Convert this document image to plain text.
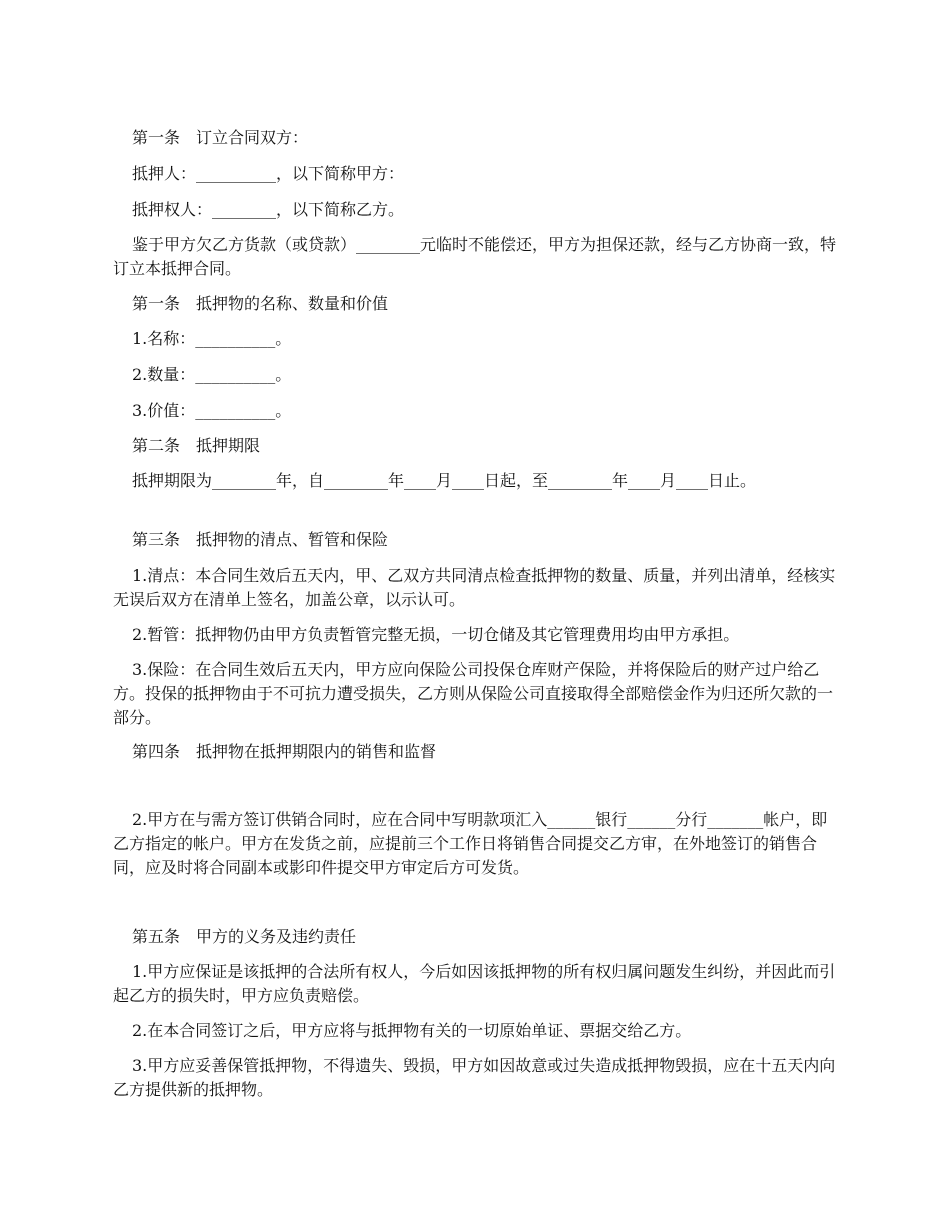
第一条　订立合同双方：

抵押人：__________，以下简称甲方：

抵押权人：________，以下简称乙方。

鉴于甲方欠乙方货款（或贷款）________元临时不能偿还，甲方为担保还款，经与乙方协商一致，特订立本抵押合同。

第一条　抵押物的名称、数量和价值

1.名称：__________。

2.数量：__________。

3.价值：__________。

第二条　抵押期限

抵押期限为________年，自________年____月____日起，至________年____月____日止。

第三条　抵押物的清点、暂管和保险

1.清点：本合同生效后五天内，甲、乙双方共同清点检查抵押物的数量、质量，并列出清单，经核实无误后双方在清单上签名，加盖公章，以示认可。

2.暂管：抵押物仍由甲方负责暂管完整无损，一切仓储及其它管理费用均由甲方承担。

3.保险：在合同生效后五天内，甲方应向保险公司投保仓库财产保险，并将保险后的财产过户给乙方。投保的抵押物由于不可抗力遭受损失，乙方则从保险公司直接取得全部赔偿金作为归还所欠款的一部分。

第四条　抵押物在抵押期限内的销售和监督

2.甲方在与需方签订供销合同时，应在合同中写明款项汇入______银行______分行_______帐户，即乙方指定的帐户。甲方在发货之前，应提前三个工作日将销售合同提交乙方审，在外地签订的销售合同，应及时将合同副本或影印件提交甲方审定后方可发货。

第五条　甲方的义务及违约责任

1.甲方应保证是该抵押的合法所有权人，今后如因该抵押物的所有权归属问题发生纠纷，并因此而引起乙方的损失时，甲方应负责赔偿。

2.在本合同签订之后，甲方应将与抵押物有关的一切原始单证、票据交给乙方。

3.甲方应妥善保管抵押物，不得遗失、毁损，甲方如因故意或过失造成抵押物毁损，应在十五天内向乙方提供新的抵押物。
